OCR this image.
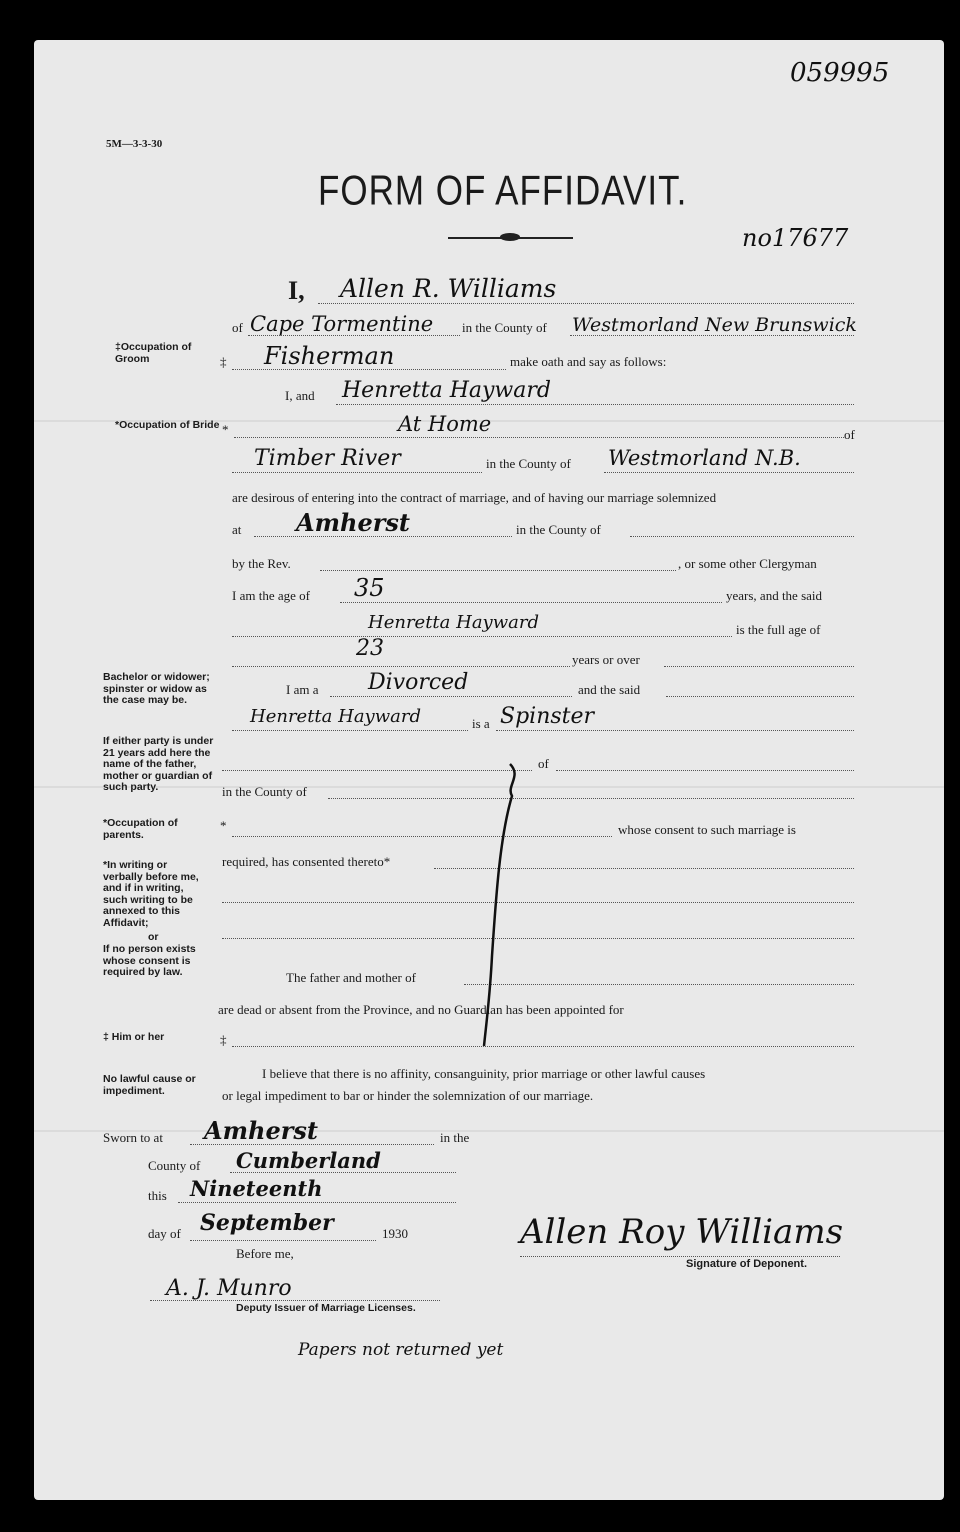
059995
5M—3-3-30
FORM OF AFFIDAVIT.
no17677
I, Allen R. Williams
of Cape Tormentine in the County of Westmorland New Brunswick
‡Occupation of Groom	‡ Fisherman	make oath and say as follows:
I, and Henretta Hayward
*Occupation of Bride *	At Home	of
Timber River	in the County of Westmorland N.B.
are desirous of entering into the contract of marriage, and of having our marriage solemnized
at Amherst	in the County of
by the Rev.	, or some other Clergyman
I am the age of 35	years, and the said
Henretta Hayward	is the full age of
23	years or over
Bachelor or widower; spinster or widow as the case may be.
I am a Divorced	and the said
Henretta Hayward	is a Spinster
If either party is under 21 years add here the name of the father, mother or guardian of such party.
of
in the County of
*Occupation of parents.
*	whose consent to such marriage is
*In writing or verbally before me, and if in writing, such writing to be annexed to this Affidavit;
or
If no person exists whose consent is required by law.
required, has consented thereto*
The father and mother of
are dead or absent from the Province, and no Guardian has been appointed for
‡ Him or her	‡
No lawful cause or impediment.
I believe that there is no affinity, consanguinity, prior marriage or other lawful causes
or legal impediment to bar or hinder the solemnization of our marriage.
Sworn to at Amherst	in the
County of Cumberland
this Nineteenth
day of September	1930
Before me,
Allen Roy Williams
Signature of Deponent.
A. J. Munro
Deputy Issuer of Marriage Licenses.
Papers not returned yet
